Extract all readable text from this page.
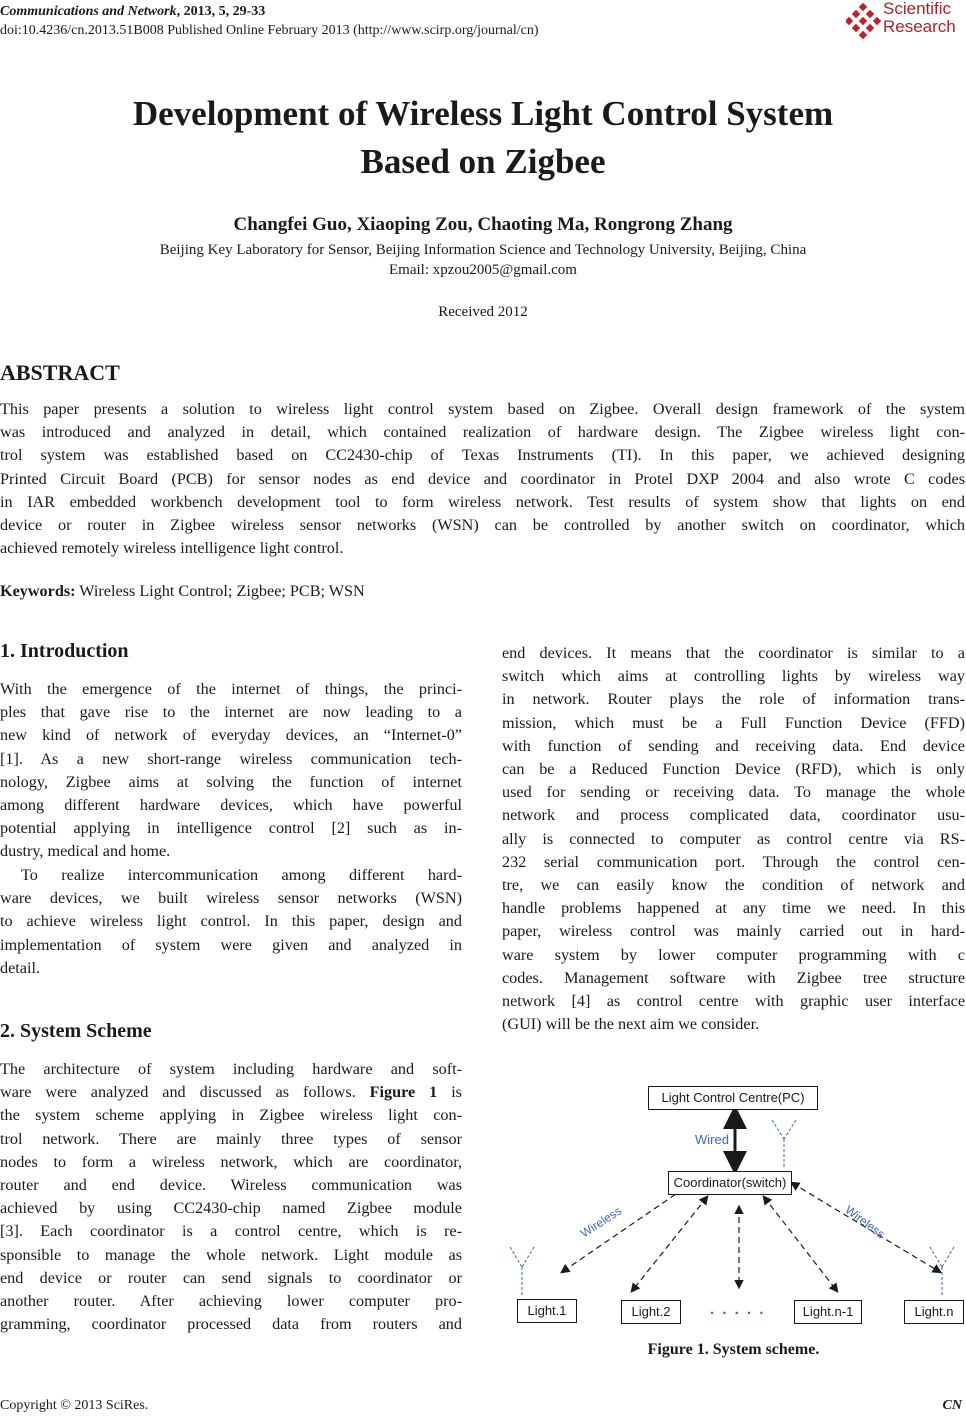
Communications and Network, 2013, 5, 29-33
doi:10.4236/cn.2013.51B008 Published Online February 2013 (http://www.scirp.org/journal/cn)
Scientific
Research
Development of Wireless Light Control System
Based on Zigbee
Changfei Guo, Xiaoping Zou, Chaoting Ma, Rongrong Zhang
Beijing Key Laboratory for Sensor, Beijing Information Science and Technology University, Beijing, China
Email: xpzou2005@gmail.com
Received 2012
ABSTRACT
This paper presents a solution to wireless light control system based on Zigbee. Overall design framework of the system
was introduced and analyzed in detail, which contained realization of hardware design. The Zigbee wireless light con-
trol system was established based on CC2430-chip of Texas Instruments (TI). In this paper, we achieved designing
Printed Circuit Board (PCB) for sensor nodes as end device and coordinator in Protel DXP 2004 and also wrote C codes
in IAR embedded workbench development tool to form wireless network. Test results of system show that lights on end
device or router in Zigbee wireless sensor networks (WSN) can be controlled by another switch on coordinator, which
achieved remotely wireless intelligence light control.
Keywords: Wireless Light Control; Zigbee; PCB; WSN
1. Introduction
With the emergence of the internet of things, the princi-
ples that gave rise to the internet are now leading to a
new kind of network of everyday devices, an “Internet-0”
[1]. As a new short-range wireless communication tech-
nology, Zigbee aims at solving the function of internet
among different hardware devices, which have powerful
potential applying in intelligence control [2] such as in-
dustry, medical and home.
To realize intercommunication among different hard-
ware devices, we built wireless sensor networks (WSN)
to achieve wireless light control. In this paper, design and
implementation of system were given and analyzed in
detail.
2. System Scheme
The architecture of system including hardware and soft-
ware were analyzed and discussed as follows. Figure 1 is
the system scheme applying in Zigbee wireless light con-
trol network. There are mainly three types of sensor
nodes to form a wireless network, which are coordinator,
router and end device. Wireless communication was
achieved by using CC2430-chip named Zigbee module
[3]. Each coordinator is a control centre, which is re-
sponsible to manage the whole network. Light module as
end device or router can send signals to coordinator or
another router. After achieving lower computer pro-
gramming, coordinator processed data from routers and
end devices. It means that the coordinator is similar to a
switch which aims at controlling lights by wireless way
in network. Router plays the role of information trans-
mission, which must be a Full Function Device (FFD)
with function of sending and receiving data. End device
can be a Reduced Function Device (RFD), which is only
used for sending or receiving data. To manage the whole
network and process complicated data, coordinator usu-
ally is connected to computer as control centre via RS-
232 serial communication port. Through the control cen-
tre, we can easily know the condition of network and
handle problems happened at any time we need. In this
paper, wireless control was mainly carried out in hard-
ware system by lower computer programming with c
codes. Management software with Zigbee tree structure
network [4] as control centre with graphic user interface
(GUI) will be the next aim we consider.
Light Control Centre(PC)
Wired
Coordinator(switch)
Wireless	Wireless
Light.1	Light.2	. . . . .	Light.n-1	Light.n
Figure 1. System scheme.
Copyright © 2013 SciRes.	CN
